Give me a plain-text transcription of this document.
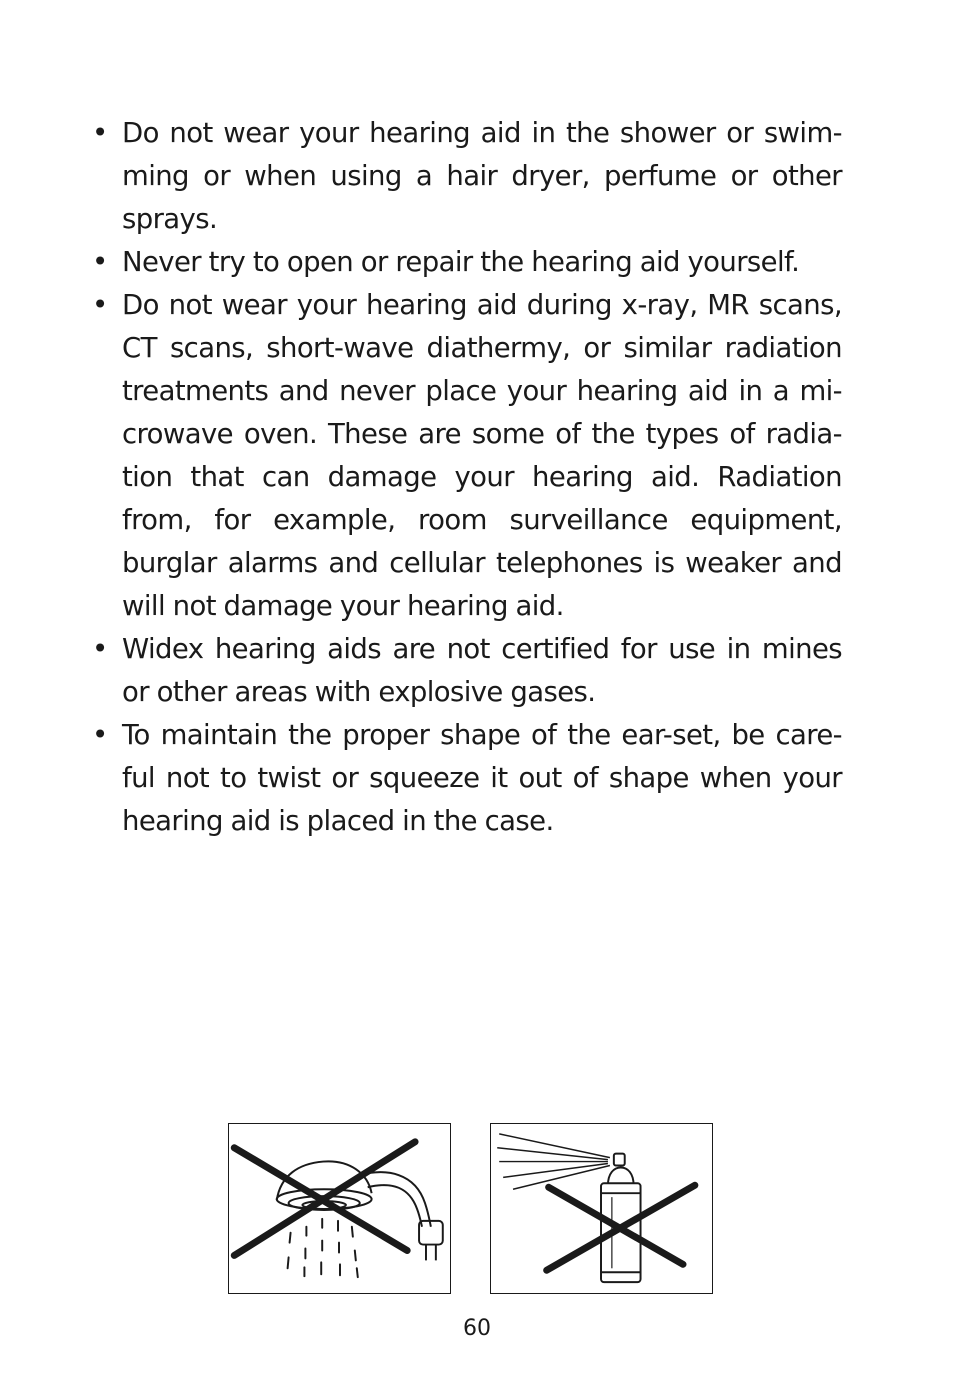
• Do not wear your hearing aid in the shower or swim-ming or when using a hair dryer, perfume or other sprays.
• Never try to open or repair the hearing aid yourself.
• Do not wear your hearing aid during x-ray, MR scans, CT scans, short-wave diathermy, or similar radiation treatments and never place your hearing aid in a mi-crowave oven. These are some of the types of radia-tion that can damage your hearing aid. Radiation from, for example, room surveillance equipment, burglar alarms and cellular telephones is weaker and will not damage your hearing aid.
• Widex hearing aids are not certified for use in mines or other areas with explosive gases.
• To maintain the proper shape of the ear-set, be care-ful not to twist or squeeze it out of shape when your hearing aid is placed in the case.
60
